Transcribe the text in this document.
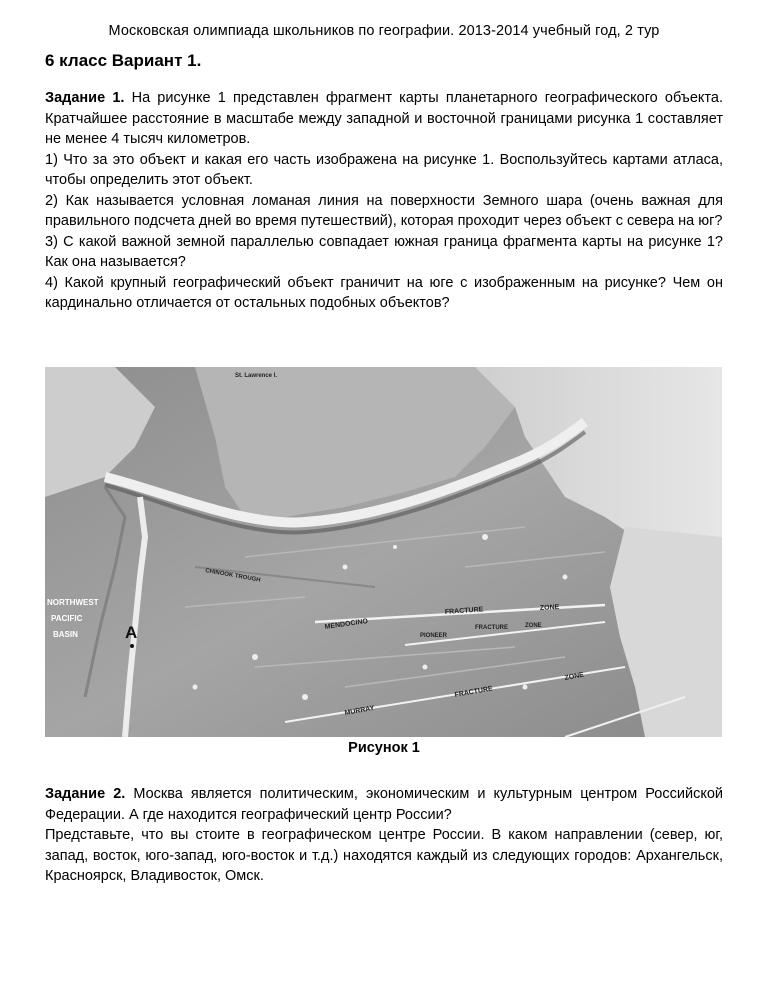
Московская олимпиада школьников по географии. 2013-2014 учебный год, 2 тур
6 класс Вариант 1.

Задание 1. На рисунке 1 представлен фрагмент карты планетарного географического объекта. Кратчайшее расстояние в масштабе между западной и восточной границами рисунка 1 составляет не менее 4 тысяч километров.

1) Что за это объект и какая его часть изображена на рисунке 1. Воспользуйтесь картами атласа, чтобы определить этот объект.

2) Как называется условная ломаная линия на поверхности Земного шара (очень важная для правильного подсчета дней во время путешествий), которая проходит через объект с севера на юг?

3) С какой важной земной параллелью совпадает южная граница фрагмента карты на рисунке 1? Как она называется?

4) Какой крупный географический объект граничит на юге с изображенным на рисунке? Чем он кардинально отличается от остальных подобных объектов?

NORTHWEST
PACIFIC
BASIN
MENDOCINO
FRACTURE	ZONE
PIONEER
FRACTURE	ZONE
MURRAY
FRACTURE
ZONE
CHINOOK TROUGH
St. Lawrence I.
A
Рисунок 1

Задание 2. Москва является политическим, экономическим и культурным центром Российской Федерации. А где находится географический центр России?

Представьте, что вы стоите в географическом центре России. В каком направлении (север, юг, запад, восток, юго-запад, юго-восток и т.д.) находятся каждый из следующих городов: Архангельск, Красноярск, Владивосток, Омск.
